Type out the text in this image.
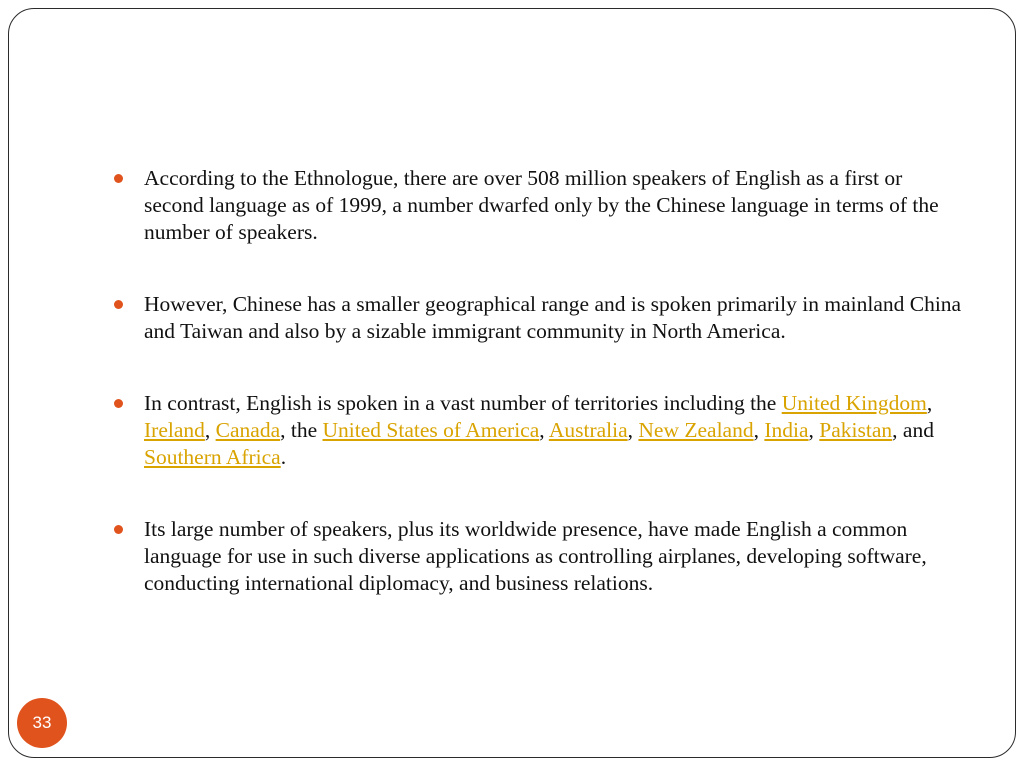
According to the Ethnologue, there are over 508 million speakers of English as a first or second language as of 1999, a number dwarfed only by the Chinese language in terms of the number of speakers.
However, Chinese has a smaller geographical range and is spoken primarily in mainland China and Taiwan and also by a sizable immigrant community in North America.
In contrast, English is spoken in a vast number of territories including the United Kingdom, Ireland, Canada, the United States of America, Australia, New Zealand, India, Pakistan, and Southern Africa.
Its large number of speakers, plus its worldwide presence, have made English a common language for use in such diverse applications as controlling airplanes, developing software, conducting international diplomacy, and business relations.
33
